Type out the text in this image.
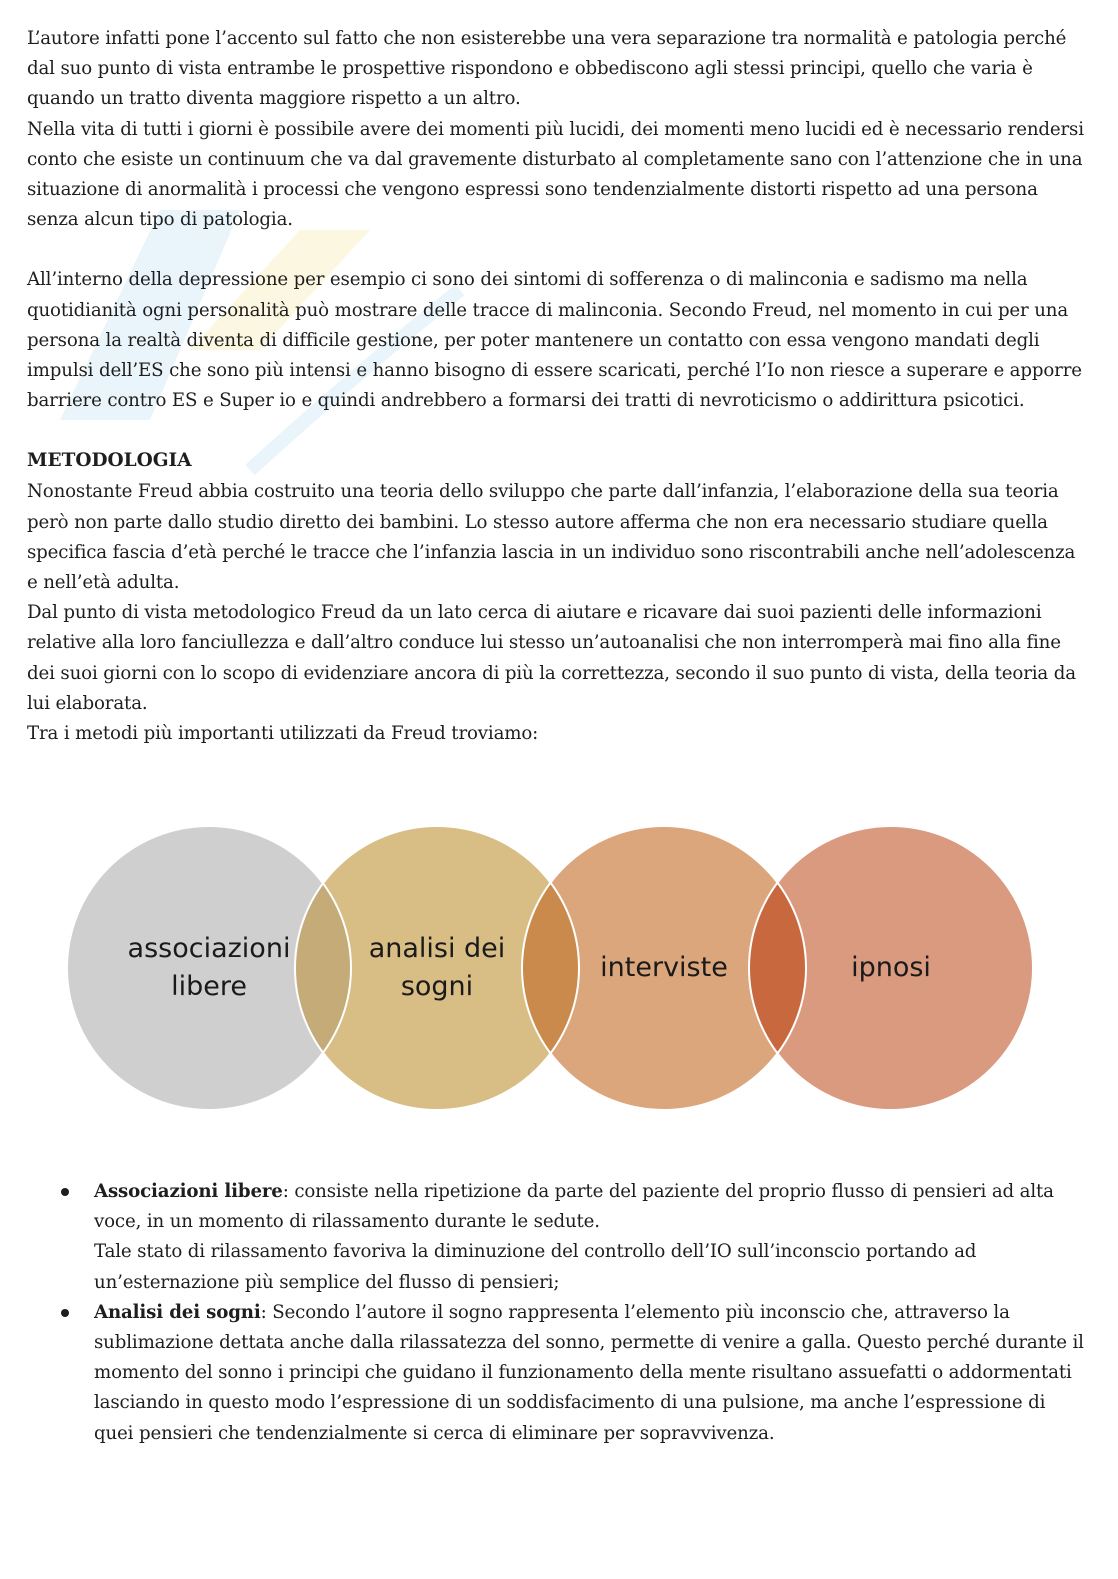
L’autore infatti pone l’accento sul fatto che non esisterebbe una vera separazione tra normalità e patologia perché dal suo punto di vista entrambe le prospettive rispondono e obbediscono agli stessi principi, quello che varia è quando un tratto diventa maggiore rispetto a un altro.

Nella vita di tutti i giorni è possibile avere dei momenti più lucidi, dei momenti meno lucidi ed è necessario rendersi conto che esiste un continuum che va dal gravemente disturbato al completamente sano con l’attenzione che in una situazione di anormalità i processi che vengono espressi sono tendenzialmente distorti rispetto ad una persona senza alcun tipo di patologia.

All’interno della depressione per esempio ci sono dei sintomi di sofferenza o di malinconia e sadismo ma nella quotidianità ogni personalità può mostrare delle tracce di malinconia. Secondo Freud, nel momento in cui per una persona la realtà diventa di difficile gestione, per poter mantenere un contatto con essa vengono mandati degli impulsi dell’ES che sono più intensi e hanno bisogno di essere scaricati, perché l’Io non riesce a superare e apporre barriere contro ES e Super io e quindi andrebbero a formarsi dei tratti di nevroticismo o addirittura psicotici.

METODOLOGIA

Nonostante Freud abbia costruito una teoria dello sviluppo che parte dall’infanzia, l’elaborazione della sua teoria però non parte dallo studio diretto dei bambini. Lo stesso autore afferma che non era necessario studiare quella specifica fascia d’età perché le tracce che l’infanzia lascia in un individuo sono riscontrabili anche nell’adolescenza e nell’età adulta.

Dal punto di vista metodologico Freud da un lato cerca di aiutare e ricavare dai suoi pazienti delle informazioni relative alla loro fanciullezza e dall’altro conduce lui stesso un’autoanalisi che non interromperà mai fino alla fine dei suoi giorni con lo scopo di evidenziare ancora di più la correttezza, secondo il suo punto di vista, della teoria da lui elaborata.

Tra i metodi più importanti utilizzati da Freud troviamo:

associazioni
libere
analisi dei
sogni
interviste	ipnosi

Associazioni libere: consiste nella ripetizione da parte del paziente del proprio flusso di pensieri ad alta voce, in un momento di rilassamento durante le sedute.

Tale stato di rilassamento favoriva la diminuzione del controllo dell’IO sull’inconscio portando ad un’esternazione più semplice del flusso di pensieri;

Analisi dei sogni: Secondo l’autore il sogno rappresenta l’elemento più inconscio che, attraverso la sublimazione dettata anche dalla rilassatezza del sonno, permette di venire a galla. Questo perché durante il momento del sonno i principi che guidano il funzionamento della mente risultano assuefatti o addormentati lasciando in questo modo l’espressione di un soddisfacimento di una pulsione, ma anche l’espressione di quei pensieri che tendenzialmente si cerca di eliminare per sopravvivenza.
